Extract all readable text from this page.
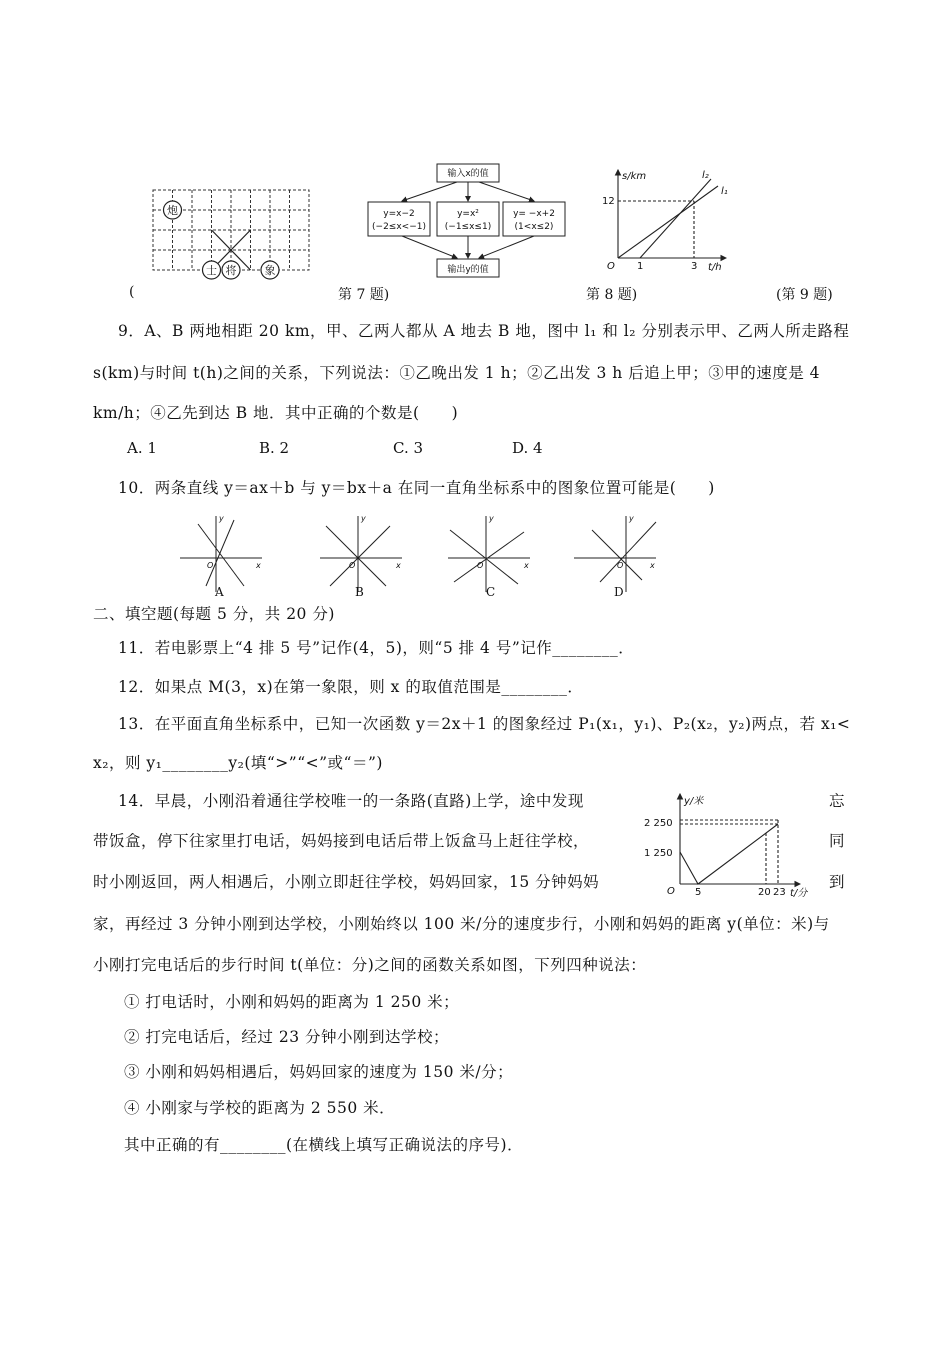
炮
士 将	象
输入x的值
y=x−2
(−2≤x<−1)
y=x²
(−1≤x≤1)
y= −x+2
(1<x≤2)
输出y的值
s/km
t/h
12
1	3
O
l₁
l₂
(	第 7 题)	第 8 题)	(第 9 题)
9．A、B 两地相距 20 km，甲、乙两人都从 A 地去 B 地，图中 l₁ 和 l₂ 分别表示甲、乙两人所走路程
s(km)与时间 t(h)之间的关系，下列说法：①乙晚出发 1 h；②乙出发 3 h 后追上甲；③甲的速度是 4
km/h；④乙先到达 B 地．其中正确的个数是(　　)
A. 1	B. 2	C. 3	D. 4
10．两条直线 y＝ax＋b 与 y＝bx＋a 在同一直角坐标系中的图象位置可能是(　　)
y
x
O
y
x
O
y
x
O
y
x
O
A	B	C	D
二、填空题(每题 5 分，共 20 分)
11．若电影票上“4 排 5 号”记作(4，5)，则“5 排 4 号”记作________．
12．如果点 M(3，x)在第一象限，则 x 的取值范围是________．
13．在平面直角坐标系中，已知一次函数 y＝2x＋1 的图象经过 P₁(x₁，y₁)、P₂(x₂，y₂)两点，若 x₁<
x₂，则 y₁________y₂(填“>”“<”或“＝”)
14．早晨，小刚沿着通往学校唯一的一条路(直路)上学，途中发现	忘
带饭盒，停下往家里打电话，妈妈接到电话后带上饭盒马上赶往学校，	同
时小刚返回，两人相遇后，小刚立即赶往学校，妈妈回家，15 分钟妈妈	到
y/米
t/分
2 250
1 250
5	20 23
O
家，再经过 3 分钟小刚到达学校，小刚始终以 100 米/分的速度步行，小刚和妈妈的距离 y(单位：米)与
小刚打完电话后的步行时间 t(单位：分)之间的函数关系如图，下列四种说法：
① 打电话时，小刚和妈妈的距离为 1 250 米；
② 打完电话后，经过 23 分钟小刚到达学校；
③ 小刚和妈妈相遇后，妈妈回家的速度为 150 米/分；
④ 小刚家与学校的距离为 2 550 米．
其中正确的有________(在横线上填写正确说法的序号)．
